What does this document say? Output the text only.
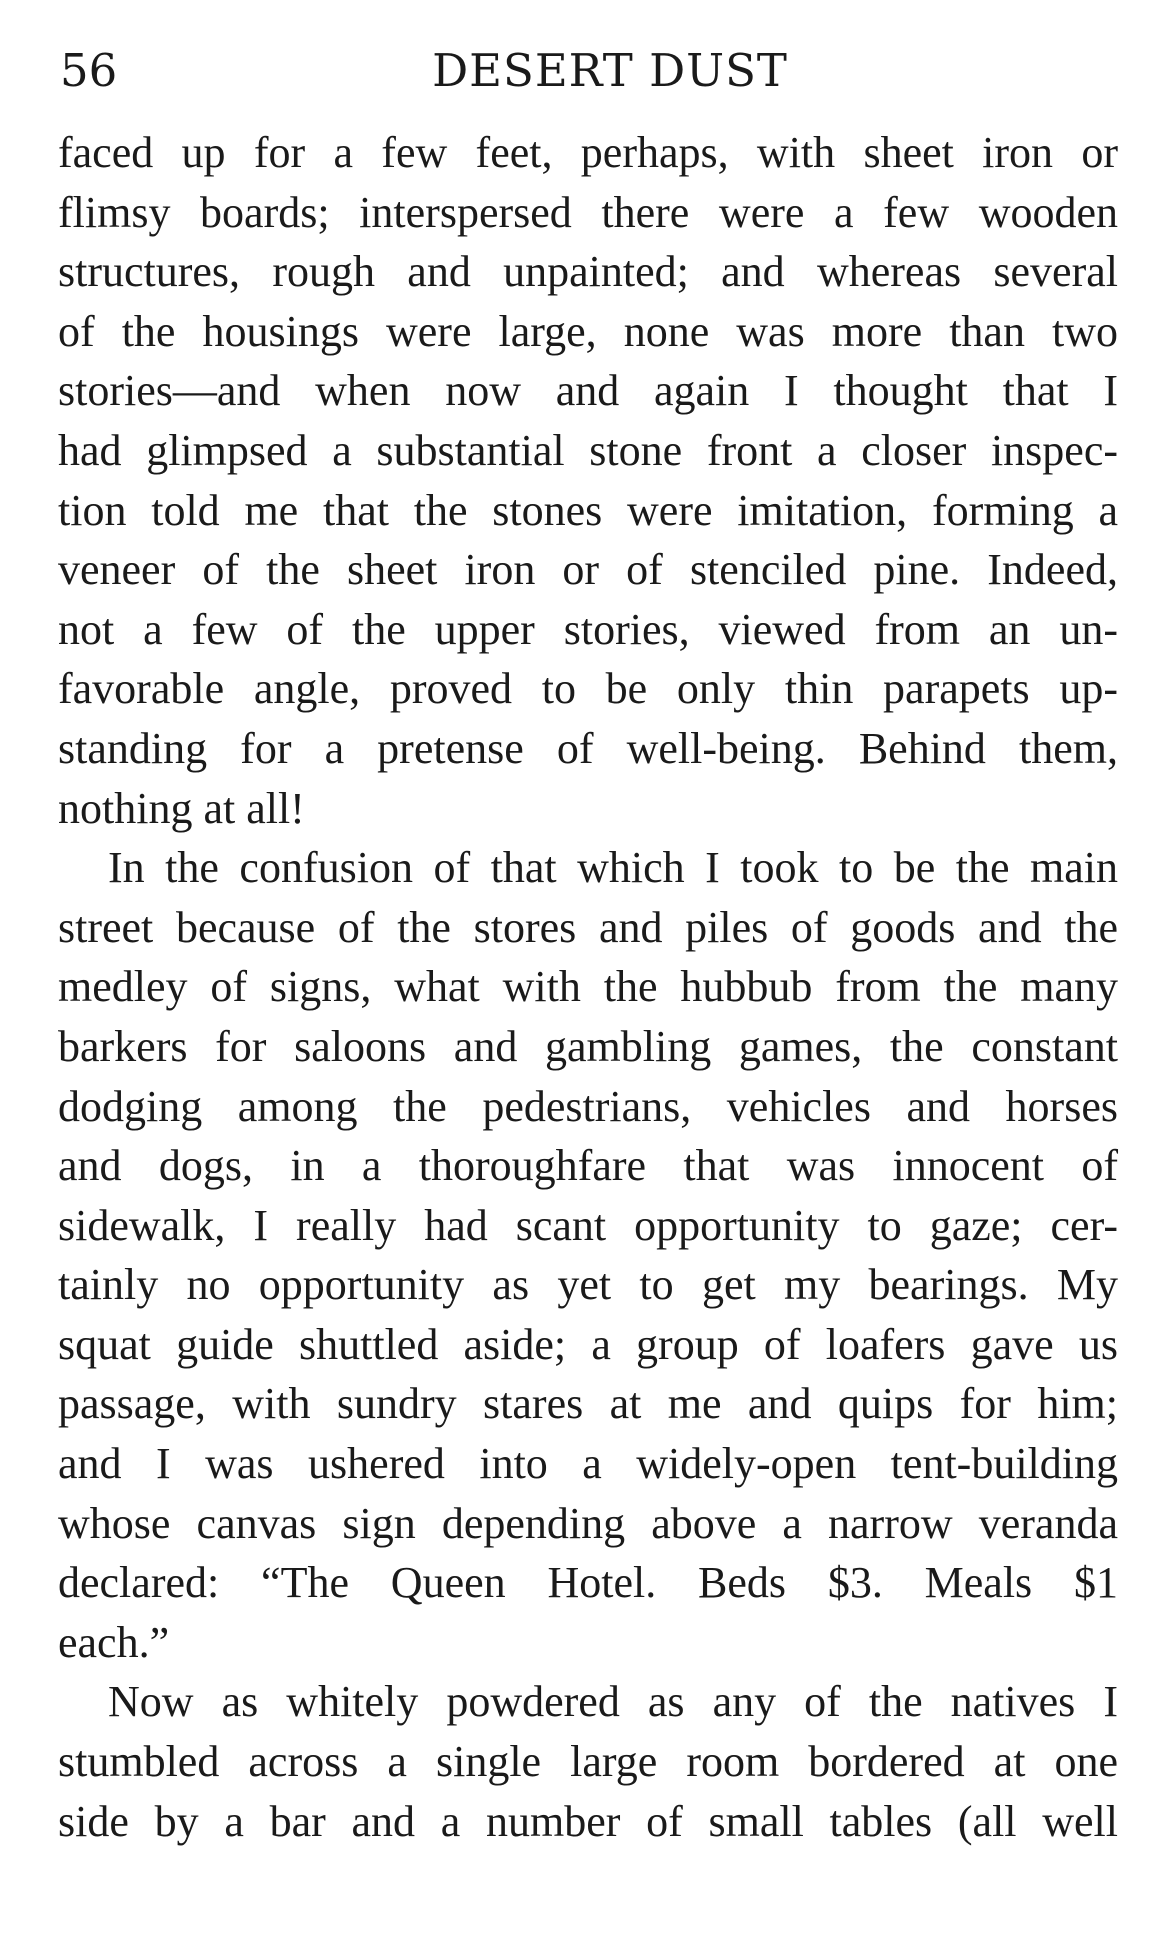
56	DESERT DUST
faced up for a few feet, perhaps, with sheet iron or
flimsy boards; interspersed there were a few wooden
structures, rough and unpainted; and whereas several
of the housings were large, none was more than two
stories—and when now and again I thought that I
had glimpsed a substantial stone front a closer inspec-
tion told me that the stones were imitation, forming a
veneer of the sheet iron or of stenciled pine. Indeed,
not a few of the upper stories, viewed from an un-
favorable angle, proved to be only thin parapets up-
standing for a pretense of well-being. Behind them,
nothing at all!
In the confusion of that which I took to be the main
street because of the stores and piles of goods and the
medley of signs, what with the hubbub from the many
barkers for saloons and gambling games, the constant
dodging among the pedestrians, vehicles and horses
and dogs, in a thoroughfare that was innocent of
sidewalk, I really had scant opportunity to gaze; cer-
tainly no opportunity as yet to get my bearings. My
squat guide shuttled aside; a group of loafers gave us
passage, with sundry stares at me and quips for him;
and I was ushered into a widely-open tent-building
whose canvas sign depending above a narrow veranda
declared: “The Queen Hotel. Beds $3. Meals $1
each.”
Now as whitely powdered as any of the natives I
stumbled across a single large room bordered at one
side by a bar and a number of small tables (all well
